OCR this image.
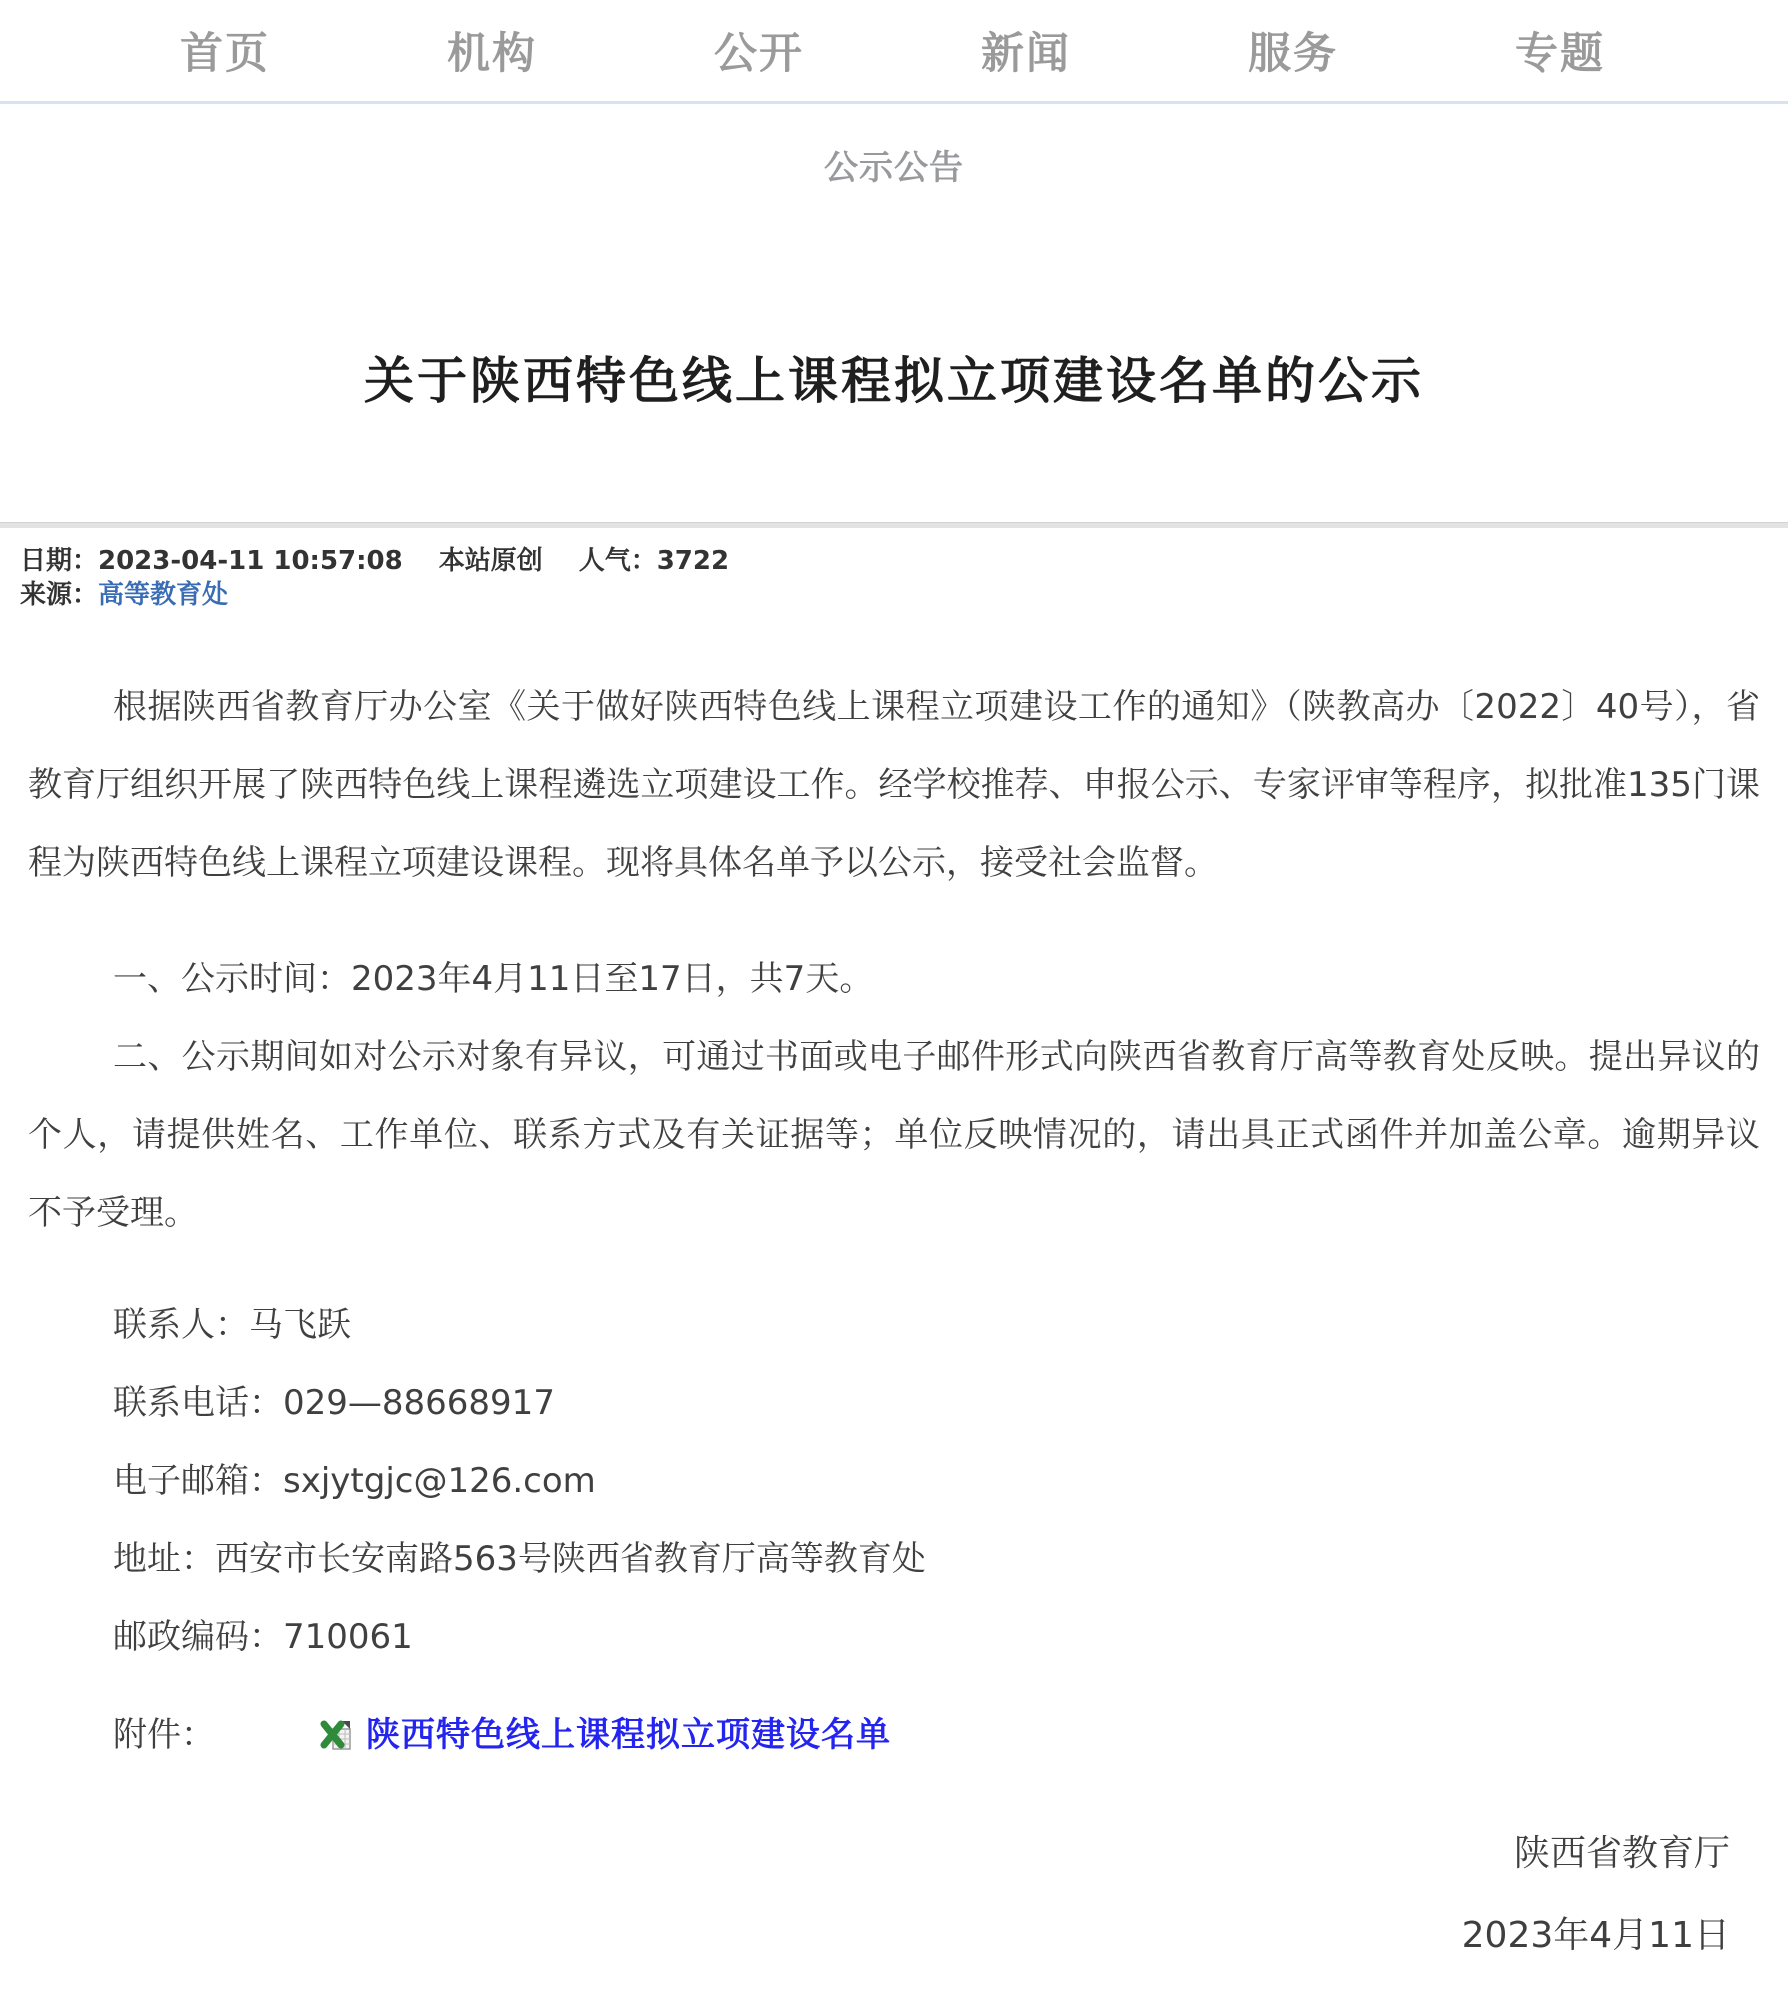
首页	机构	公开	新闻	服务	专题
公示公告
关于陕西特色线上课程拟立项建设名单的公示
日期：2023-04-11 10:57:08 本站原创 人气：3722
来源：高等教育处

根据陕西省教育厅办公室《关于做好陕西特色线上课程立项建设工作的通知》（陕教高办〔2022〕40号），省教育厅组织开展了陕西特色线上课程遴选立项建设工作。经学校推荐、申报公示、专家评审等程序，拟批准135门课程为陕西特色线上课程立项建设课程。现将具体名单予以公示，接受社会监督。

一、公示时间：2023年4月11日至17日，共7天。

二、公示期间如对公示对象有异议，可通过书面或电子邮件形式向陕西省教育厅高等教育处反映。提出异议的个人，请提供姓名、工作单位、联系方式及有关证据等；单位反映情况的，请出具正式函件并加盖公章。逾期异议不予受理。

联系人：马飞跃

联系电话：029—88668917

电子邮箱：sxjytgjc@126.com

地址：西安市长安南路563号陕西省教育厅高等教育处

邮政编码：710061

附件：	陕西特色线上课程拟立项建设名单

陕西省教育厅
2023年4月11日
